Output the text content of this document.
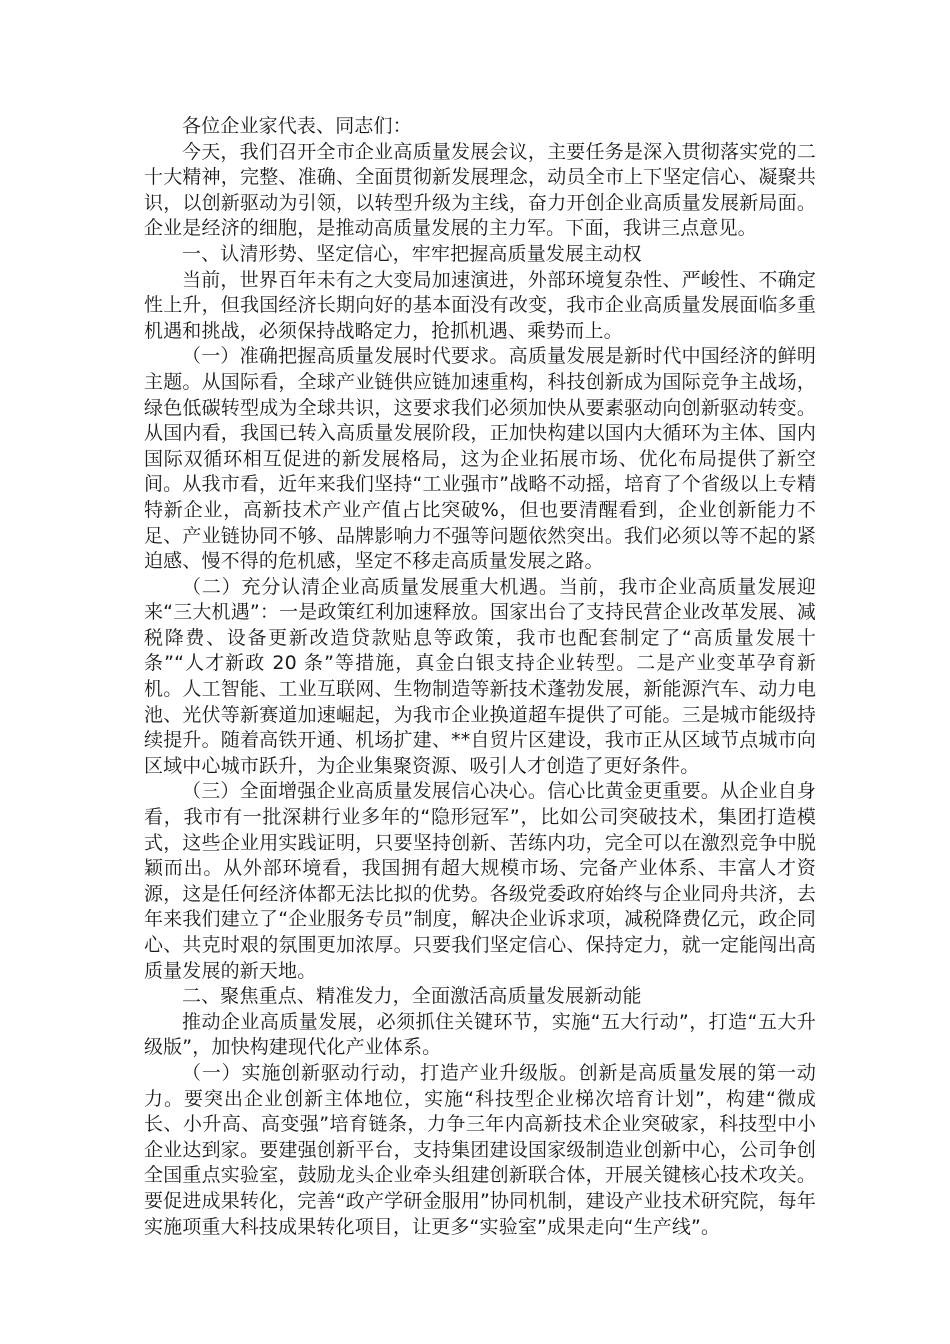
各位企业家代表、同志们：

今天，我们召开全市企业高质量发展会议，主要任务是深入贯彻落实党的二十大精神，完整、准确、全面贯彻新发展理念，动员全市上下坚定信心、凝聚共识，以创新驱动为引领，以转型升级为主线，奋力开创企业高质量发展新局面。企业是经济的细胞，是推动高质量发展的主力军。下面，我讲三点意见。

一、认清形势、坚定信心，牢牢把握高质量发展主动权

当前，世界百年未有之大变局加速演进，外部环境复杂性、严峻性、不确定性上升，但我国经济长期向好的基本面没有改变，我市企业高质量发展面临多重机遇和挑战，必须保持战略定力，抢抓机遇、乘势而上。

（一）准确把握高质量发展时代要求。高质量发展是新时代中国经济的鲜明主题。从国际看，全球产业链供应链加速重构，科技创新成为国际竞争主战场，绿色低碳转型成为全球共识，这要求我们必须加快从要素驱动向创新驱动转变。从国内看，我国已转入高质量发展阶段，正加快构建以国内大循环为主体、国内国际双循环相互促进的新发展格局，这为企业拓展市场、优化布局提供了新空间。从我市看，近年来我们坚持“工业强市”战略不动摇，培育了个省级以上专精特新企业，高新技术产业产值占比突破%，但也要清醒看到，企业创新能力不足、产业链协同不够、品牌影响力不强等问题依然突出。我们必须以等不起的紧迫感、慢不得的危机感，坚定不移走高质量发展之路。

（二）充分认清企业高质量发展重大机遇。当前，我市企业高质量发展迎来“三大机遇”：一是政策红利加速释放。国家出台了支持民营企业改革发展、减税降费、设备更新改造贷款贴息等政策，我市也配套制定了“高质量发展十条”“人才新政 20 条”等措施，真金白银支持企业转型。二是产业变革孕育新机。人工智能、工业互联网、生物制造等新技术蓬勃发展，新能源汽车、动力电池、光伏等新赛道加速崛起，为我市企业换道超车提供了可能。三是城市能级持续提升。随着高铁开通、机场扩建、**自贸片区建设，我市正从区域节点城市向区域中心城市跃升，为企业集聚资源、吸引人才创造了更好条件。

（三）全面增强企业高质量发展信心决心。信心比黄金更重要。从企业自身看，我市有一批深耕行业多年的“隐形冠军”，比如公司突破技术，集团打造模式，这些企业用实践证明，只要坚持创新、苦练内功，完全可以在激烈竞争中脱颖而出。从外部环境看，我国拥有超大规模市场、完备产业体系、丰富人才资源，这是任何经济体都无法比拟的优势。各级党委政府始终与企业同舟共济，去年来我们建立了“企业服务专员”制度，解决企业诉求项，减税降费亿元，政企同心、共克时艰的氛围更加浓厚。只要我们坚定信心、保持定力，就一定能闯出高质量发展的新天地。

二、聚焦重点、精准发力，全面激活高质量发展新动能

推动企业高质量发展，必须抓住关键环节，实施“五大行动”，打造“五大升级版”，加快构建现代化产业体系。

（一）实施创新驱动行动，打造产业升级版。创新是高质量发展的第一动力。要突出企业创新主体地位，实施“科技型企业梯次培育计划”，构建“微成长、小升高、高变强”培育链条，力争三年内高新技术企业突破家，科技型中小企业达到家。要建强创新平台，支持集团建设国家级制造业创新中心，公司争创全国重点实验室，鼓励龙头企业牵头组建创新联合体，开展关键核心技术攻关。要促进成果转化，完善“政产学研金服用”协同机制，建设产业技术研究院，每年实施项重大科技成果转化项目，让更多“实验室”成果走向“生产线”。
